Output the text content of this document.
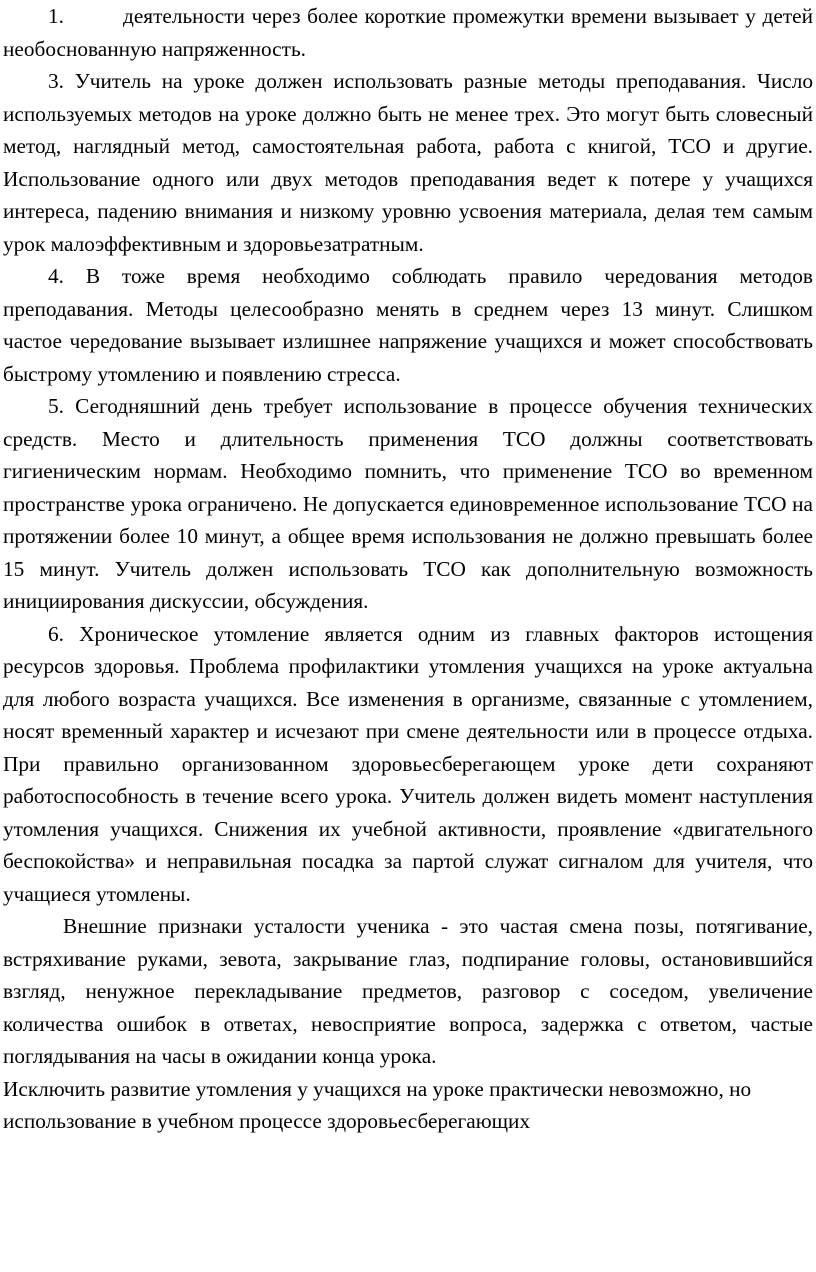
1.	деятельности через более короткие промежутки времени вызывает у детей необоснованную напряженность.

3. Учитель на уроке должен использовать разные методы преподавания. Число используемых методов на уроке должно быть не менее трех. Это могут быть словесный метод, наглядный метод, самостоятельная работа, работа с книгой, ТСО и другие. Использование одного или двух методов преподавания ведет к потере у учащихся интереса, падению внимания и низкому уровню усвоения материала, делая тем самым урок малоэффективным и здоровьезатратным.

4. В тоже время необходимо соблюдать правило чередования методов преподавания. Методы целесообразно менять в среднем через 13 минут. Слишком частое чередование вызывает излишнее напряжение учащихся и может способствовать быстрому утомлению и появлению стресса.

5. Сегодняшний день требует использование в процессе обучения технических средств. Место и длительность применения ТСО должны соответствовать гигиеническим нормам. Необходимо помнить, что применение ТСО во временном пространстве урока ограничено. Не допускается единовременное использование ТСО на протяжении более 10 минут, а общее время использования не должно превышать более 15 минут. Учитель должен использовать ТСО как дополнительную возможность инициирования дискуссии, обсуждения.

6. Хроническое утомление является одним из главных факторов истощения ресурсов здоровья. Проблема профилактики утомления учащихся на уроке актуальна для любого возраста учащихся. Все изменения в организме, связанные с утомлением, носят временный характер и исчезают при смене деятельности или в процессе отдыха. При правильно организованном здоровьесберегающем уроке дети сохраняют работоспособность в течение всего урока. Учитель должен видеть момент наступления утомления учащихся. Снижения их учебной активности, проявление «двигательного беспокойства» и неправильная посадка за партой служат сигналом для учителя, что учащиеся утомлены.

Внешние признаки усталости ученика - это частая смена позы, потягивание, встряхивание руками, зевота, закрывание глаз, подпирание головы, остановившийся взгляд, ненужное перекладывание предметов, разговор с соседом, увеличение количества ошибок в ответах, невосприятие вопроса, задержка с ответом, частые поглядывания на часы в ожидании конца урока.

Исключить развитие утомления у учащихся на уроке практически невозможно, но использование в учебном процессе здоровьесберегающих
